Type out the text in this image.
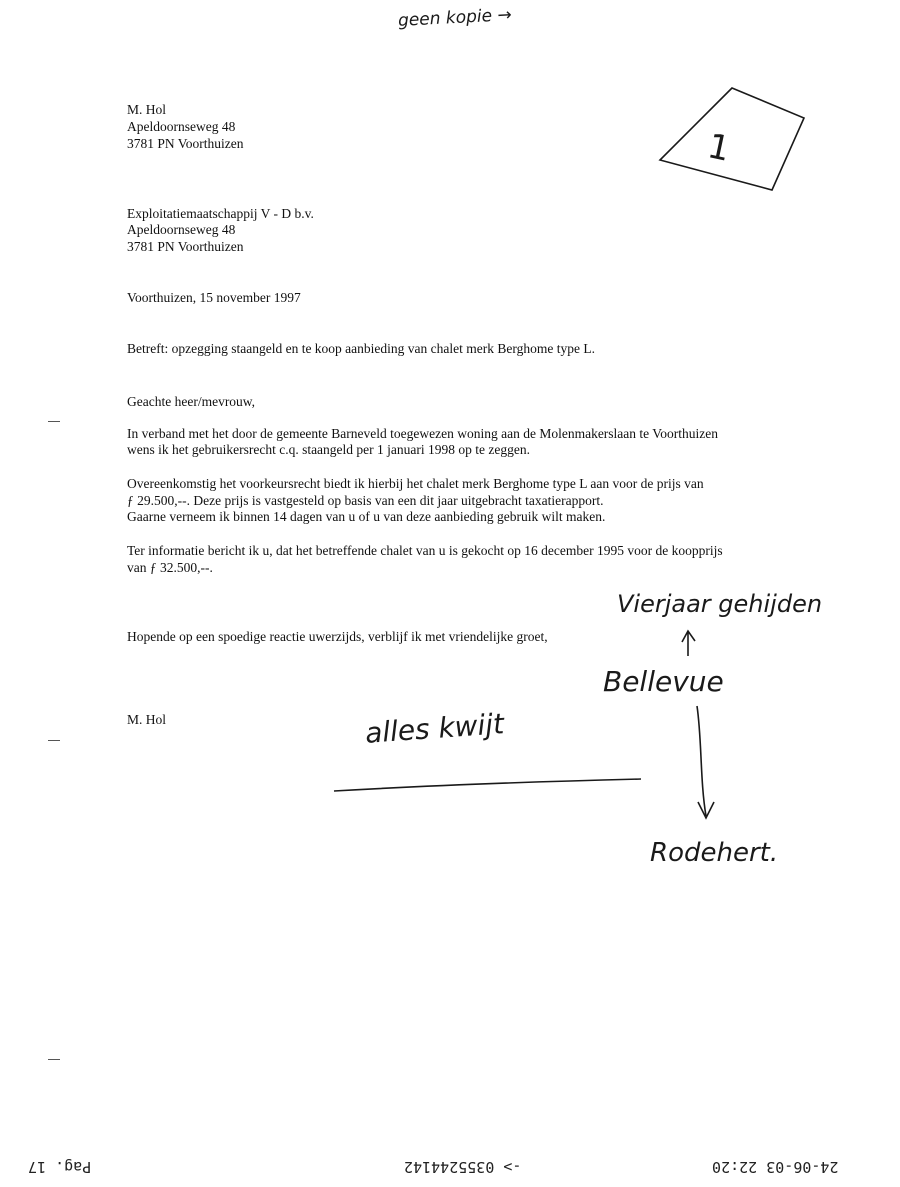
geen kopie →
1
M. Hol
Apeldoornseweg 48
3781 PN Voorthuizen
Exploitatiemaatschappij V - D b.v.
Apeldoornseweg 48
3781 PN Voorthuizen
Voorthuizen, 15 november 1997
Betreft: opzegging staangeld en te koop aanbieding van chalet merk Berghome type L.
Geachte heer/mevrouw,
In verband met het door de gemeente Barneveld toegewezen woning aan de Molenmakerslaan te Voorthuizen
wens ik het gebruikersrecht c.q. staangeld per 1 januari 1998 op te zeggen.
Overeenkomstig het voorkeursrecht biedt ik hierbij het chalet merk Berghome type L aan voor de prijs van
ƒ 29.500,--. Deze prijs is vastgesteld op basis van een dit jaar uitgebracht taxatierapport.
Gaarne verneem ik binnen 14 dagen van u of u van deze aanbieding gebruik wilt maken.
Ter informatie bericht ik u, dat het betreffende chalet van u is gekocht op 16 december 1995 voor de koopprijs
van ƒ 32.500,--.
Hopende op een spoedige reactie uwerzijds, verblijf ik met vriendelijke groet,
M. Hol
Vierjaar gehijden
Bellevue
alles kwijt
Rodehert.
24-06-03 22:20
-> 0355244142
Pag. 17
